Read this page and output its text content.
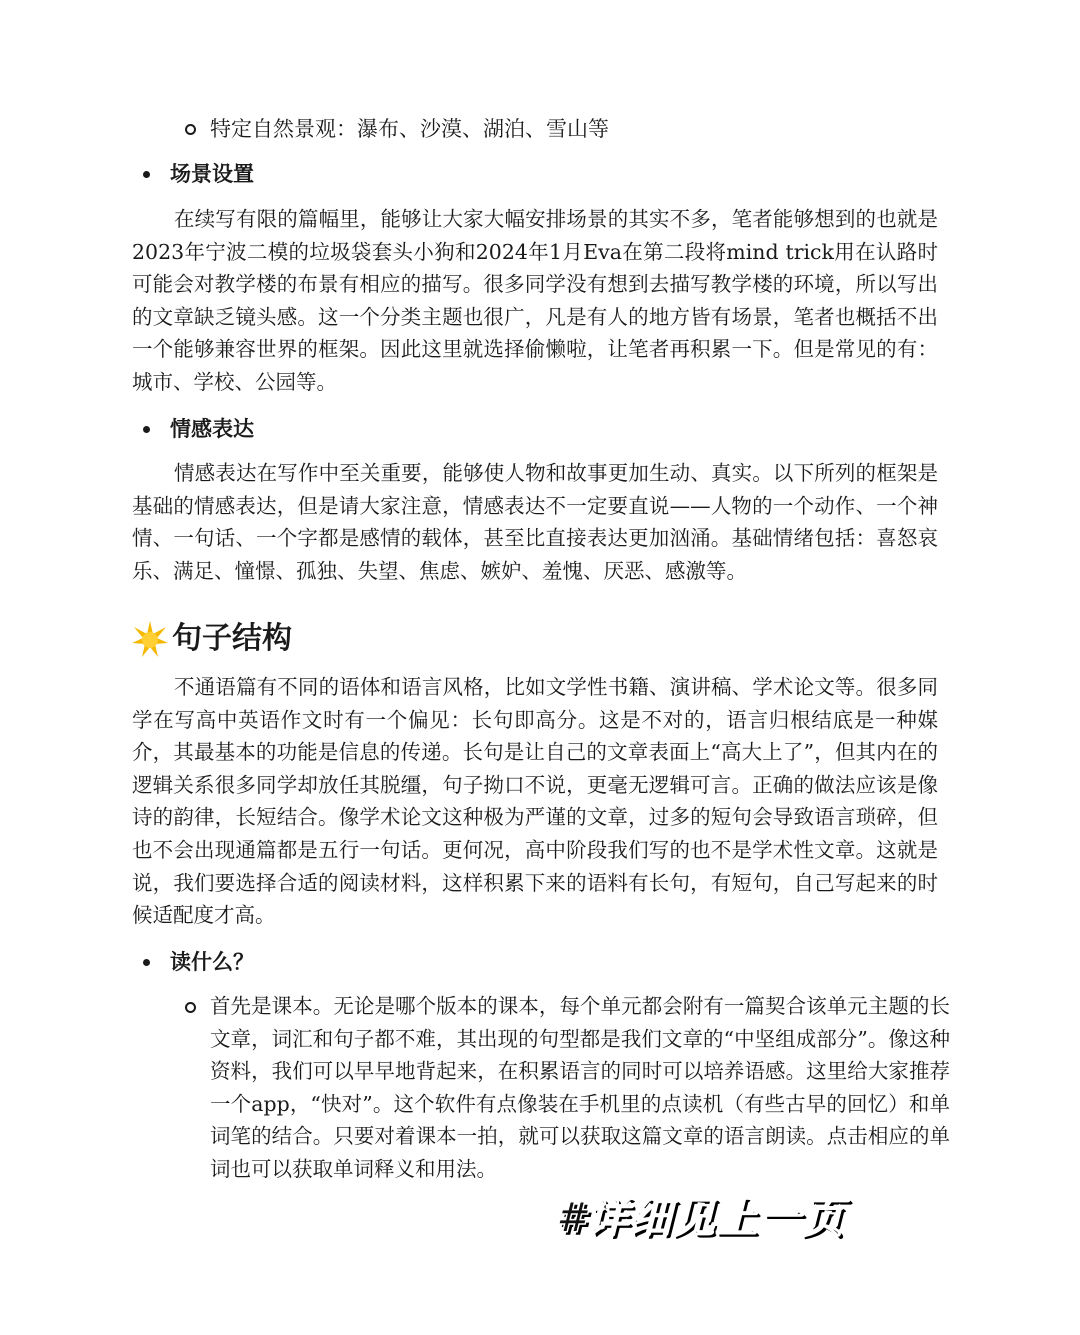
特定自然景观：瀑布、沙漠、湖泊、雪山等
场景设置

在续写有限的篇幅里，能够让大家大幅安排场景的其实不多，笔者能够想到的也就是2023年宁波二模的垃圾袋套头小狗和2024年1月Eva在第二段将mind trick用在认路时可能会对教学楼的布景有相应的描写。很多同学没有想到去描写教学楼的环境，所以写出的文章缺乏镜头感。这一个分类主题也很广，凡是有人的地方皆有场景，笔者也概括不出一个能够兼容世界的框架。因此这里就选择偷懒啦，让笔者再积累一下。但是常见的有：城市、学校、公园等。

情感表达

情感表达在写作中至关重要，能够使人物和故事更加生动、真实。以下所列的框架是基础的情感表达，但是请大家注意，情感表达不一定要直说——人物的一个动作、一个神情、一句话、一个字都是感情的载体，甚至比直接表达更加汹涌。基础情绪包括：喜怒哀乐、满足、憧憬、孤独、失望、焦虑、嫉妒、羞愧、厌恶、感激等。

句子结构

不通语篇有不同的语体和语言风格，比如文学性书籍、演讲稿、学术论文等。很多同学在写高中英语作文时有一个偏见：长句即高分。这是不对的，语言归根结底是一种媒介，其最基本的功能是信息的传递。长句是让自己的文章表面上“高大上了”，但其内在的逻辑关系很多同学却放任其脱缰，句子拗口不说，更毫无逻辑可言。正确的做法应该是像诗的韵律，长短结合。像学术论文这种极为严谨的文章，过多的短句会导致语言琐碎，但也不会出现通篇都是五行一句话。更何况，高中阶段我们写的也不是学术性文章。这就是说，我们要选择合适的阅读材料，这样积累下来的语料有长句，有短句，自己写起来的时候适配度才高。

读什么？

首先是课本。无论是哪个版本的课本，每个单元都会附有一篇契合该单元主题的长文章，词汇和句子都不难，其出现的句型都是我们文章的“中坚组成部分”。像这种资料，我们可以早早地背起来，在积累语言的同时可以培养语感。这里给大家推荐一个app，“快对”。这个软件有点像装在手机里的点读机（有些古早的回忆）和单词笔的结合。只要对着课本一拍，就可以获取这篇文章的语言朗读。点击相应的单词也可以获取单词释义和用法。

#详细见上一页
